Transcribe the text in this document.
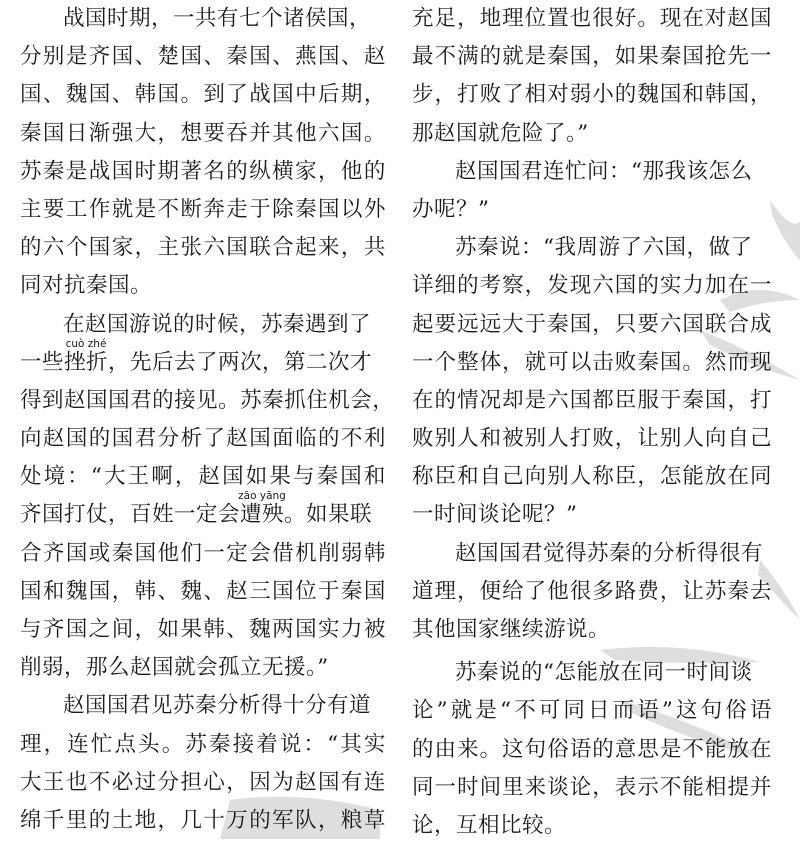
战国时期，一共有七个诸侯国，
分 别 是 齐 国 、 楚 国 、 秦 国 、 燕 国 、 赵
国 、 魏 国 、 韩 国 。 到 了 战 国 中 后 期 ，
秦 国 日 渐 强 大 ， 想 要 吞 并 其 他 六 国 。
苏 秦 是 战 国 时 期 著 名 的 纵 横 家 ， 他 的
主 要 工 作 就 是 不 断 奔 走 于 除 秦 国 以 外
的 六 个 国 家 ， 主 张 六 国 联 合 起 来 ， 共
同对抗秦国。
在赵国游说的时候，苏秦遇到了
一些
cuò zhé
挫折，先后去了两次，第二次才
得 到 赵 国 国 君 的 接 见 。 苏 秦 抓 住 机 会 ，
向 赵 国 的 国 君 分 析 了 赵 国 面 临 的 不 利
处 境 ： “ 大 王 啊 ， 赵 国 如 果 与 秦 国 和
齐国打仗，百姓一定会
zāo yāng
遭殃。如果联
合 齐 国 或 秦 国 他 们 一 定 会 借 机 削 弱 韩
国 和 魏 国 ， 韩 、 魏 、 赵 三 国 位 于 秦 国
与 齐 国 之 间 ， 如 果 韩 、 魏 两 国 实 力 被
削弱，那么赵国就会孤立无援。”
赵国国君见苏秦分析得十分有道
理 ， 连 忙 点 头 。 苏 秦 接 着 说 ： “ 其 实
大 王 也 不 必 过 分 担 心 ， 因 为 赵 国 有 连
绵 千 里 的 土 地 ， 几 十 万 的 军 队 ， 粮 草
充 足 ， 地 理 位 置 也 很 好 。 现 在 对 赵 国
最 不 满 的 就 是 秦 国 ， 如 果 秦 国 抢 先 一
步 ， 打 败 了 相 对 弱 小 的 魏 国 和 韩 国 ，
那赵国就危险了。”
赵国国君连忙问：“那我该怎么
办呢？”
苏秦说：“我周游了六国，做了
详 细 的 考 察 ， 发 现 六 国 的 实 力 加 在 一
起 要 远 远 大 于 秦 国 ， 只 要 六 国 联 合 成
一 个 整 体 ， 就 可 以 击 败 秦 国 。 然 而 现
在 的 情 况 却 是 六 国 都 臣 服 于 秦 国 ， 打
败 别 人 和 被 别 人 打 败 ， 让 别 人 向 自 己
称 臣 和 自 己 向 别 人 称 臣 ， 怎 能 放 在 同
一时间谈论呢？”
赵国国君觉得苏秦的分析得很有
道 理 ， 便 给 了 他 很 多 路 费 ， 让 苏 秦 去
其他国家继续游说。
苏秦说的“怎能放在同一时间谈
论 ” 就 是 “ 不 可 同 日 而 语 ” 这 句 俗 语
的 由 来 。 这 句 俗 语 的 意 思 是 不 能 放 在
同 一 时 间 里 来 谈 论 ， 表 示 不 能 相 提 并
论，互相比较。
